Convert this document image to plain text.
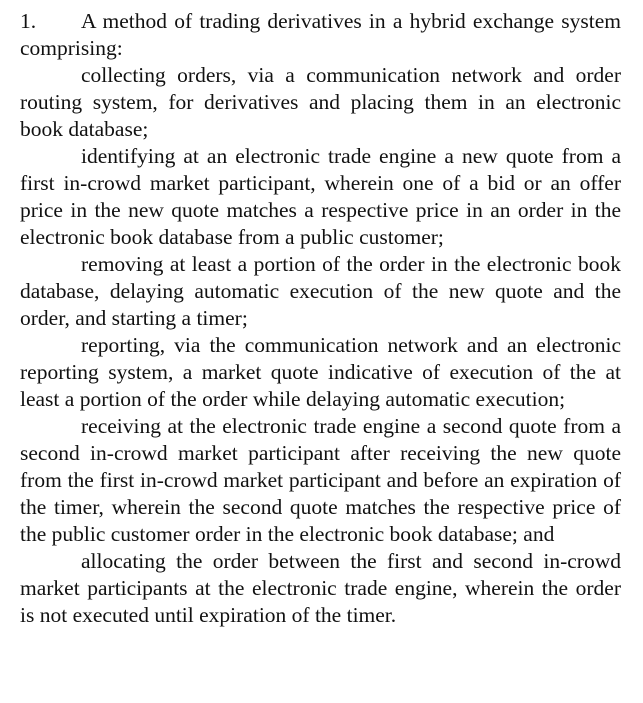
1. A method of trading derivatives in a hybrid exchange system comprising:

collecting orders, via a communication network and order routing system, for derivatives and placing them in an electronic book database;

identifying at an electronic trade engine a new quote from a first in-crowd market participant, wherein one of a bid or an offer price in the new quote matches a respective price in an order in the electronic book database from a public customer;

removing at least a portion of the order in the electronic book database, delaying automatic execution of the new quote and the order, and starting a timer;

reporting, via the communication network and an electronic reporting system, a market quote indicative of execution of the at least a portion of the order while delaying automatic execution;

receiving at the electronic trade engine a second quote from a second in-crowd market participant after receiving the new quote from the first in-crowd market participant and before an expiration of the timer, wherein the second quote matches the respective price of the public customer order in the electronic book database; and

allocating the order between the first and second in-crowd market participants at the electronic trade engine, wherein the order is not executed until expiration of the timer.
